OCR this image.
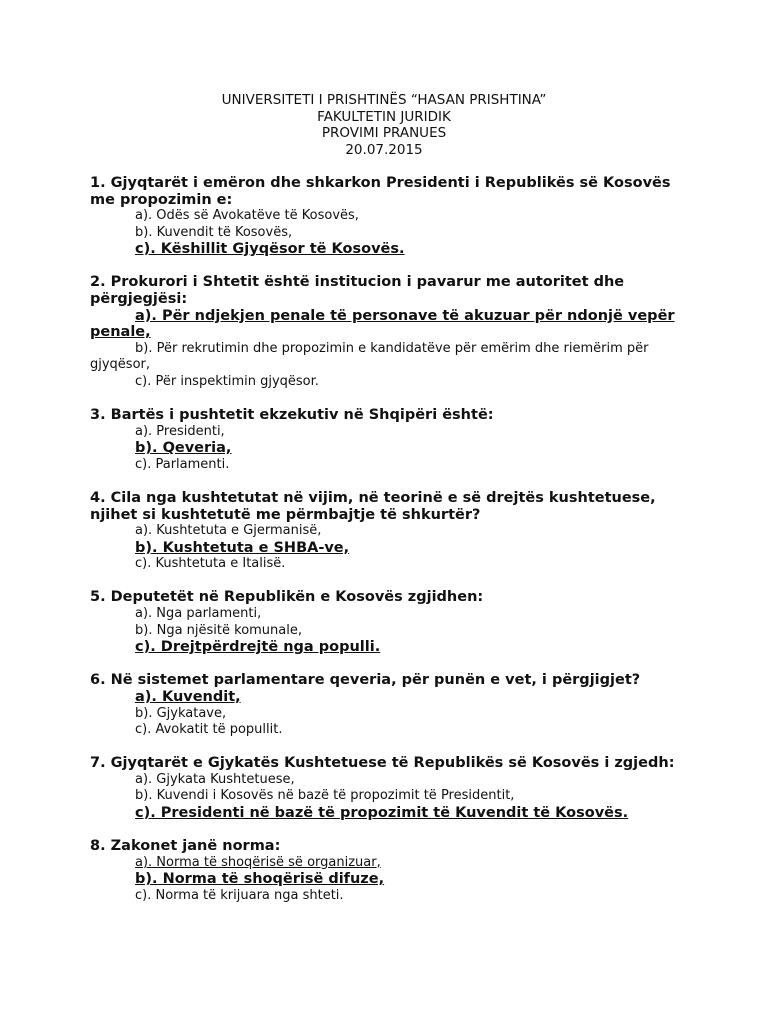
UNIVERSITETI I PRISHTINËS “HASAN PRISHTINA”
FAKULTETIN JURIDIK
PROVIMI PRANUES
20.07.2015
1. Gjyqtarët i emëron dhe shkarkon Presidenti i Republikës së Kosovës me propozimin e:
a). Odës së Avokatëve të Kosovës,
b). Kuvendit të Kosovës,
c). Këshillit Gjyqësor të Kosovës.
2. Prokurori i Shtetit është institucion i pavarur me autoritet dhe përgjegjësi:
a). Për ndjekjen penale të personave të akuzuar për ndonjë vepër penale,
b). Për rekrutimin dhe propozimin e kandidatëve për emërim dhe riemërim për gjyqësor,
c). Për inspektimin gjyqësor.
3. Bartës i pushtetit ekzekutiv në Shqipëri është:
a). Presidenti,
b). Qeveria,
c). Parlamenti.
4. Cila nga kushtetutat në vijim, në teorinë e së drejtës kushtetuese, njihet si kushtetutë me përmbajtje të shkurtër?
a). Kushtetuta e Gjermanisë,
b). Kushtetuta e SHBA-ve,
c). Kushtetuta e Italisë.
5. Deputetët në Republikën e Kosovës zgjidhen:
a). Nga parlamenti,
b). Nga njësitë komunale,
c). Drejtpërdrejtë nga populli.
6. Në sistemet parlamentare qeveria, për punën e vet, i përgjigjet?
a). Kuvendit,
b). Gjykatave,
c). Avokatit të popullit.
7. Gjyqtarët e Gjykatës Kushtetuese të Republikës së Kosovës i zgjedh:
a). Gjykata Kushtetuese,
b). Kuvendi i Kosovës në bazë të propozimit të Presidentit,
c). Presidenti në bazë të propozimit të Kuvendit të Kosovës.
8. Zakonet janë norma:
a). Norma të shoqërisë së organizuar,
b). Norma të shoqërisë difuze,
c). Norma të krijuara nga shteti.
